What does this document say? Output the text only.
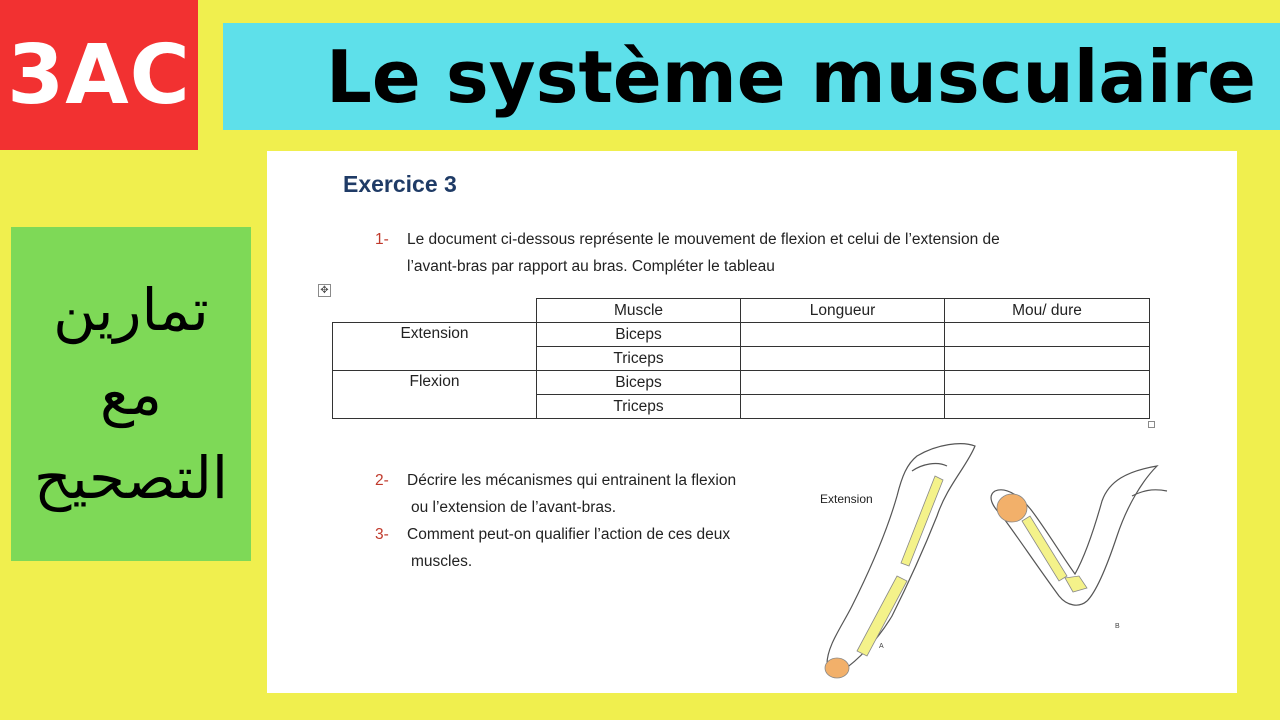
3AC Le système musculaire
تمارين
مع
التصحيح
Exercice 3
1- Le document ci-dessous représente le mouvement de flexion et celui de l’extension de
l’avant-bras par rapport au bras. Compléter le tableau
✥
	Muscle	Longueur	Mou/ dure
Extension	Biceps		
	Triceps		
Flexion	Biceps		
	Triceps		
2- Décrire les mécanismes qui entrainent la flexion
ou l’extension de l’avant-bras.
3- Comment peut-on qualifier l’action de ces deux
muscles.
Extension
A
B
